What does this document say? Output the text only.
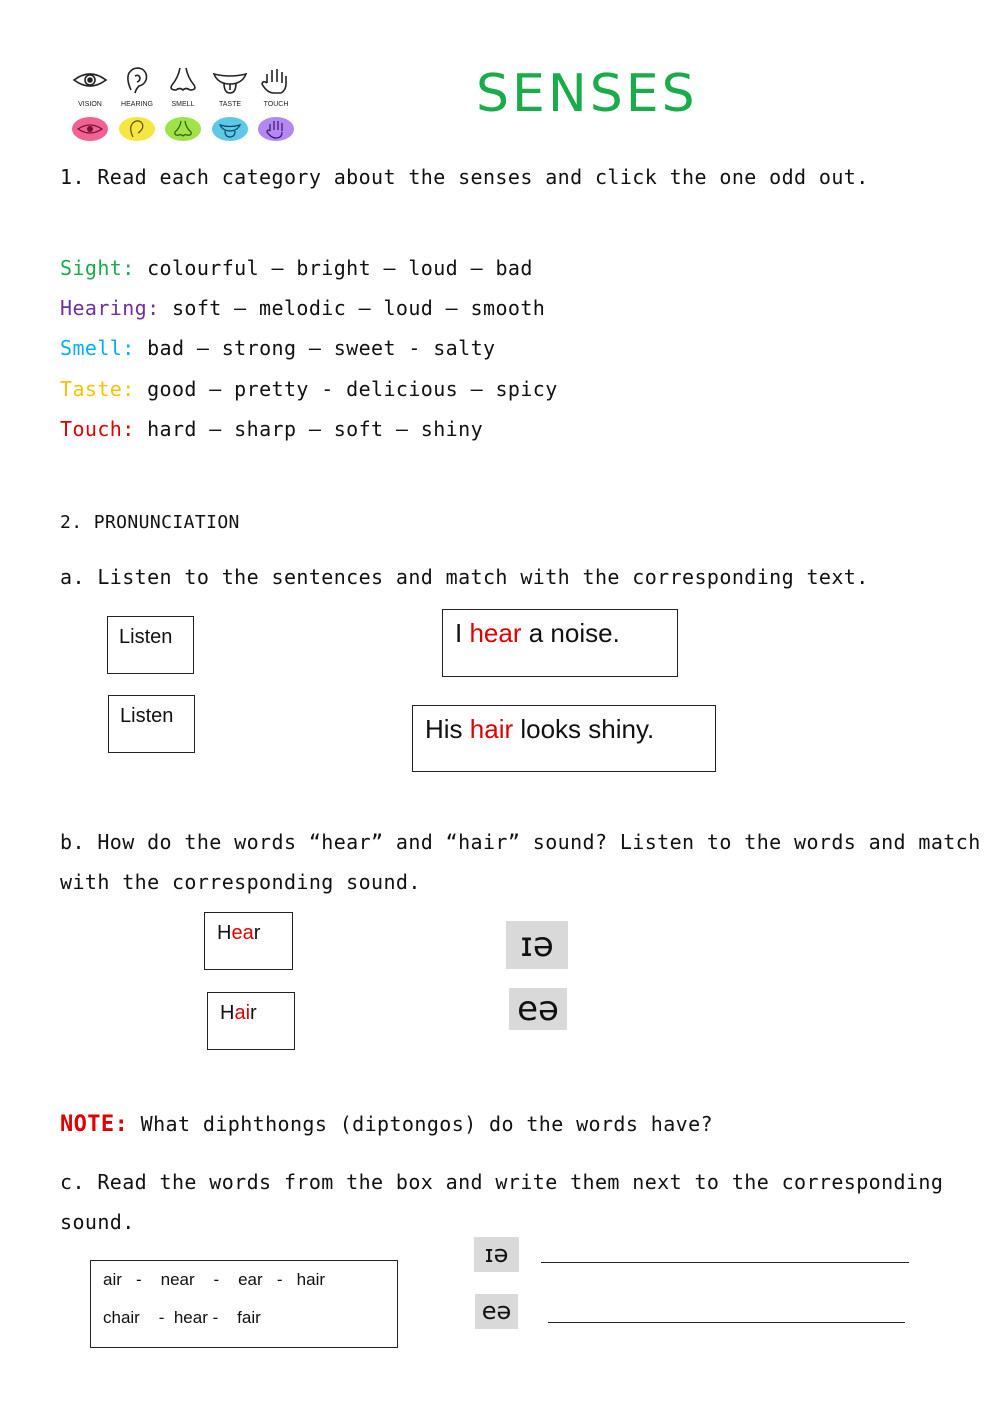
VISION	HEARING	SMELL	TASTE	TOUCH	SENSES
1. Read each category about the senses and click the one odd out.
Sight: colourful – bright – loud – bad
Hearing: soft – melodic – loud – smooth
Smell: bad – strong – sweet - salty
Taste: good – pretty - delicious – spicy
Touch: hard – sharp – soft – shiny
2. PRONUNCIATION
a. Listen to the sentences and match with the corresponding text.
Listen
Listen
I hear a noise.
His hair looks shiny.
b. How do the words “hear” and “hair” sound? Listen to the words and match
with the corresponding sound.
Hear
Hair
ɪə
eə
NOTE: What diphthongs (diptongos) do the words have?
c. Read the words from the box and write them next to the corresponding
sound.
air   -    near    -    ear   -   hair
chair    -  hear -    fair
ɪə
eə
